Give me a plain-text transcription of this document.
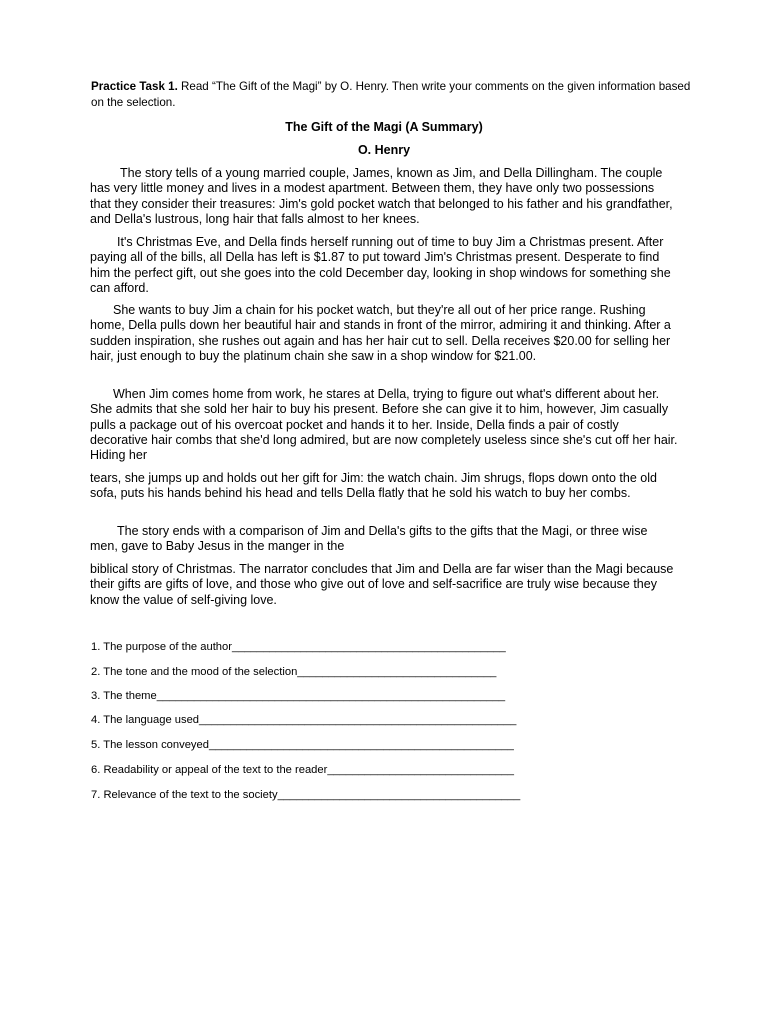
Practice Task 1. Read “The Gift of the Magi” by O. Henry. Then write your comments on the given information based on the selection.

The Gift of the Magi (A Summary)

O. Henry

The story tells of a young married couple, James, known as Jim, and Della Dillingham. The couple has very little money and lives in a modest apartment. Between them, they have only two possessions that they consider their treasures: Jim's gold pocket watch that belonged to his father and his grandfather, and Della's lustrous, long hair that falls almost to her knees.

It's Christmas Eve, and Della finds herself running out of time to buy Jim a Christmas present. After paying all of the bills, all Della has left is $1.87 to put toward Jim's Christmas present. Desperate to find him the perfect gift, out she goes into the cold December day, looking in shop windows for something she can afford.

She wants to buy Jim a chain for his pocket watch, but they're all out of her price range. Rushing home, Della pulls down her beautiful hair and stands in front of the mirror, admiring it and thinking. After a sudden inspiration, she rushes out again and has her hair cut to sell. Della receives $20.00 for selling her hair, just enough to buy the platinum chain she saw in a shop window for $21.00.

When Jim comes home from work, he stares at Della, trying to figure out what's different about her. She admits that she sold her hair to buy his present. Before she can give it to him, however, Jim casually pulls a package out of his overcoat pocket and hands it to her. Inside, Della finds a pair of costly decorative hair combs that she'd long admired, but are now completely useless since she's cut off her hair. Hiding her

tears, she jumps up and holds out her gift for Jim: the watch chain. Jim shrugs, flops down onto the old sofa, puts his hands behind his head and tells Della flatly that he sold his watch to buy her combs.

The story ends with a comparison of Jim and Della's gifts to the gifts that the Magi, or three wise men, gave to Baby Jesus in the manger in the

biblical story of Christmas. The narrator concludes that Jim and Della are far wiser than the Magi because their gifts are gifts of love, and those who give out of love and self-sacrifice are truly wise because they know the value of self-giving love.

1. The purpose of the author____________________________________________

2. The tone and the mood of the selection________________________________

3. The theme________________________________________________________

4. The language used___________________________________________________

5. The lesson conveyed_________________________________________________

6. Readability or appeal of the text to the reader______________________________

7. Relevance of the text to the society_______________________________________
